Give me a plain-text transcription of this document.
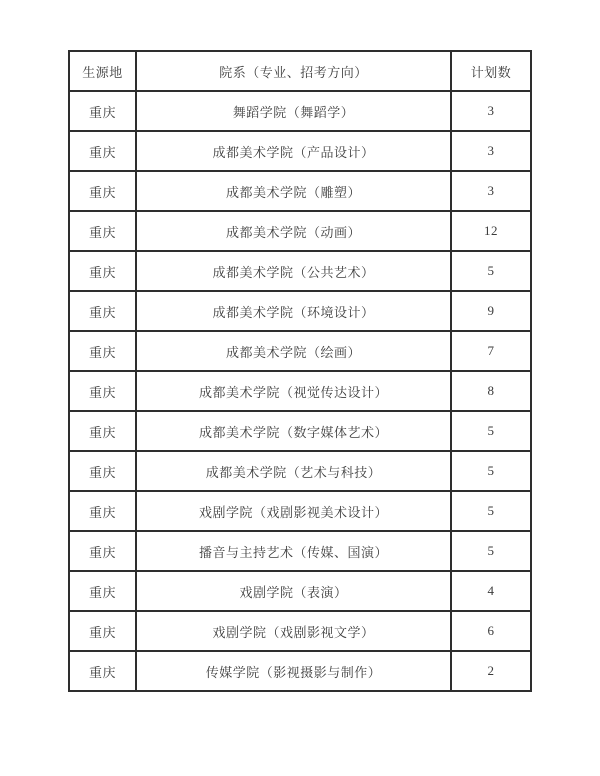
生源地	院系（专业、招考方向）	计划数
重庆	舞蹈学院（舞蹈学）	3
重庆	成都美术学院（产品设计）	3
重庆	成都美术学院（雕塑）	3
重庆	成都美术学院（动画）	12
重庆	成都美术学院（公共艺术）	5
重庆	成都美术学院（环境设计）	9
重庆	成都美术学院（绘画）	7
重庆	成都美术学院（视觉传达设计）	8
重庆	成都美术学院（数字媒体艺术）	5
重庆	成都美术学院（艺术与科技）	5
重庆	戏剧学院（戏剧影视美术设计）	5
重庆	播音与主持艺术（传媒、国演）	5
重庆	戏剧学院（表演）	4
重庆	戏剧学院（戏剧影视文学）	6
重庆	传媒学院（影视摄影与制作）	2
